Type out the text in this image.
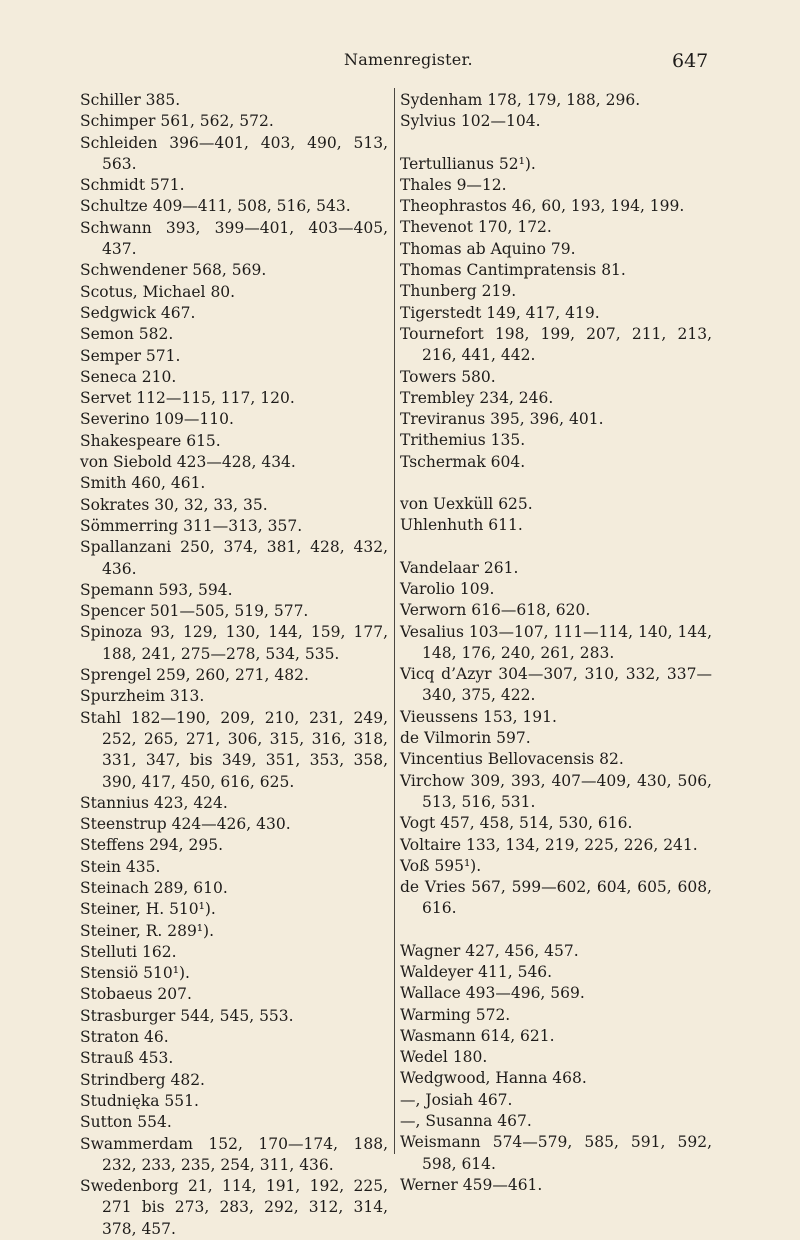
Namenregister.	647

Schiller 385.

Schimper 561, 562, 572.

Schleiden 396—401, 403, 490, 513, 563.

Schmidt 571.

Schultze 409—411, 508, 516, 543.

Schwann 393, 399—401, 403—405, 437.

Schwendener 568, 569.

Scotus, Michael 80.

Sedgwick 467.

Semon 582.

Semper 571.

Seneca 210.

Servet 112—115, 117, 120.

Severino 109—110.

Shakespeare 615.

von Siebold 423—428, 434.

Smith 460, 461.

Sokrates 30, 32, 33, 35.

Sömmerring 311—313, 357.

Spallanzani 250, 374, 381, 428, 432, 436.

Spemann 593, 594.

Spencer 501—505, 519, 577.

Spinoza 93, 129, 130, 144, 159, 177, 188, 241, 275—278, 534, 535.

Sprengel 259, 260, 271, 482.

Spurzheim 313.

Stahl 182—190, 209, 210, 231, 249, 252, 265, 271, 306, 315, 316, 318, 331, 347, bis 349, 351, 353, 358, 390, 417, 450, 616, 625.

Stannius 423, 424.

Steenstrup 424—426, 430.

Steffens 294, 295.

Stein 435.

Steinach 289, 610.

Steiner, H. 510¹).

Steiner, R. 289¹).

Stelluti 162.

Stensiö 510¹).

Stobaeus 207.

Strasburger 544, 545, 553.

Straton 46.

Strauß 453.

Strindberg 482.

Studnięka 551.

Sutton 554.

Swammerdam 152, 170—174, 188, 232, 233, 235, 254, 311, 436.

Swedenborg 21, 114, 191, 192, 225, 271 bis 273, 283, 292, 312, 314, 378, 457.

Sydenham 178, 179, 188, 296.

Sylvius 102—104.

Tertullianus 52¹).

Thales 9—12.

Theophrastos 46, 60, 193, 194, 199.

Thevenot 170, 172.

Thomas ab Aquino 79.

Thomas Cantimpratensis 81.

Thunberg 219.

Tigerstedt 149, 417, 419.

Tournefort 198, 199, 207, 211, 213, 216, 441, 442.

Towers 580.

Trembley 234, 246.

Treviranus 395, 396, 401.

Trithemius 135.

Tschermak 604.

von Uexküll 625.

Uhlenhuth 611.

Vandelaar 261.

Varolio 109.

Verworn 616—618, 620.

Vesalius 103—107, 111—114, 140, 144, 148, 176, 240, 261, 283.

Vicq d’Azyr 304—307, 310, 332, 337—340, 375, 422.

Vieussens 153, 191.

de Vilmorin 597.

Vincentius Bellovacensis 82.

Virchow 309, 393, 407—409, 430, 506, 513, 516, 531.

Vogt 457, 458, 514, 530, 616.

Voltaire 133, 134, 219, 225, 226, 241.

Voß 595¹).

de Vries 567, 599—602, 604, 605, 608, 616.

Wagner 427, 456, 457.

Waldeyer 411, 546.

Wallace 493—496, 569.

Warming 572.

Wasmann 614, 621.

Wedel 180.

Wedgwood, Hanna 468.

—, Josiah 467.

—, Susanna 467.

Weismann 574—579, 585, 591, 592, 598, 614.

Werner 459—461.
